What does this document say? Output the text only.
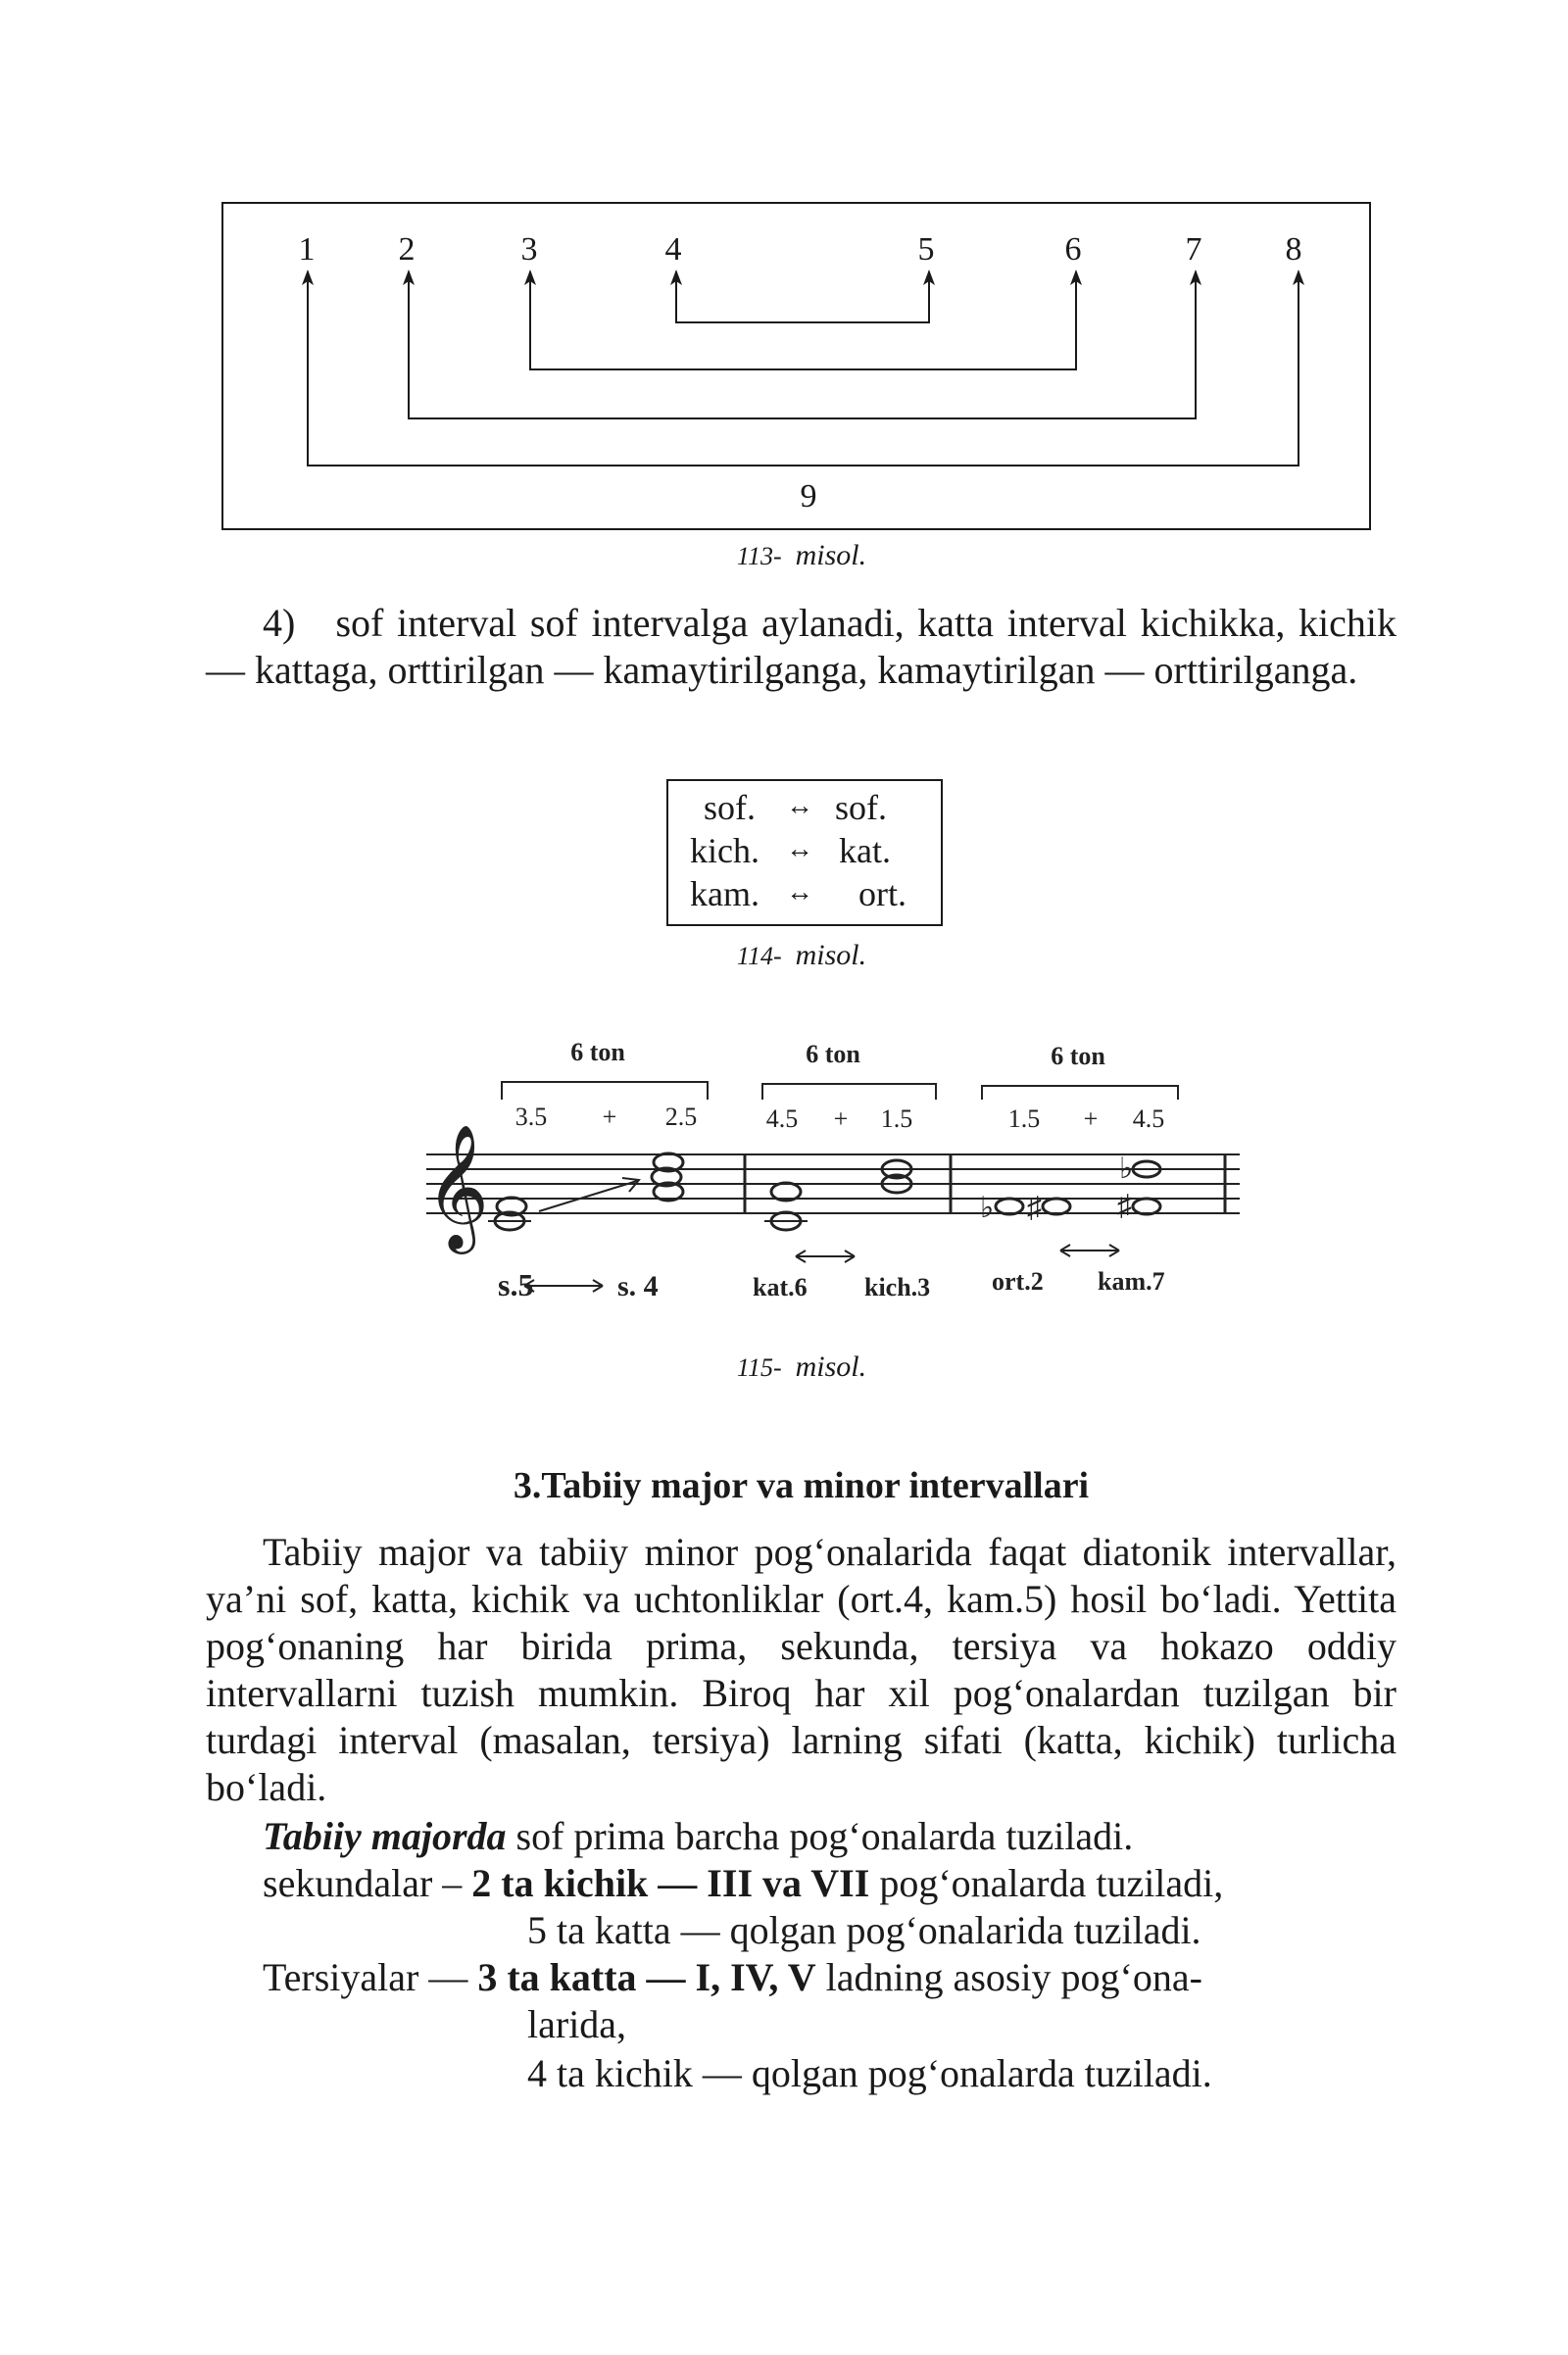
1	2	3	4	5	6	7	8
9
113- misol.

4) sof interval sof intervalga aylanadi, katta interval kichikka, kichik — kattaga, orttirilgan — kamaytirilganga, kamaytirilgan — orttirilganga.

sof. ↔ sof.
kich. ↔ kat.
kam. ↔ ort.
114- misol.
6 ton	6 ton	6 ton
3.5 + 2.5	4.5 + 1.5	1.5 + 4.5
𝄞	♭ ♯
♭
♯
s.5	s. 4	kat.6 kich.3 ort.2 kam.7
115- misol.
3.Tabiiy major va minor intervallari

Tabiiy major va tabiiy minor pog‘onalarida faqat diatonik intervallar, ya’ni sof, katta, kichik va uchtonliklar (ort.4, kam.5) hosil bo‘ladi. Yettita pog‘onaning har birida prima, sekunda, tersiya va hokazo oddiy intervallarni tuzish mumkin. Biroq har xil pog‘onalardan tuzilgan bir turdagi interval (masalan, tersiya) larning sifati (katta, kichik) turlicha bo‘ladi.

Tabiiy majorda sof prima barcha pog‘onalarda tuziladi.
sekundalar – 2 ta kichik — III va VII pog‘onalarda tuziladi,
5 ta katta — qolgan pog‘onalarida tuziladi.
Tersiyalar — 3 ta katta — I, IV, V ladning asosiy pog‘ona-
larida,
4 ta kichik — qolgan pog‘onalarda tuziladi.
